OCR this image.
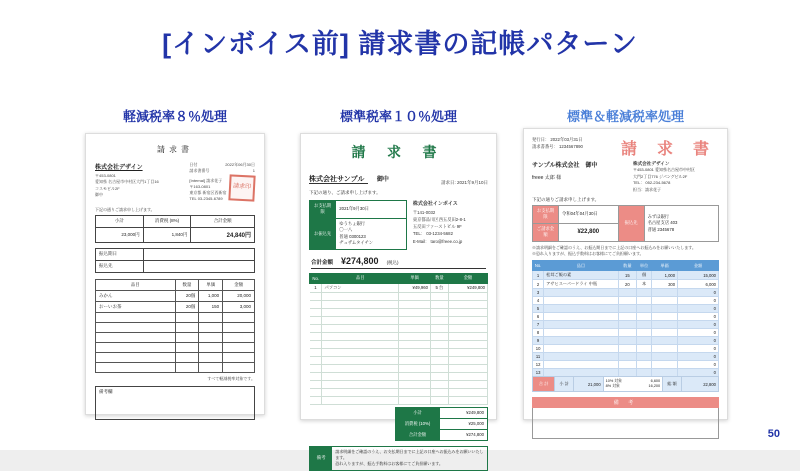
[インボイス前] 請求書の記帳パターン
軽減税率８％処理	標準税率１０％処理	標準＆軽減税率処理
請求書
株式会社デザイン
〒453-0801
愛知県 名古屋市中村区大門1丁目16
コスモビル2F
御中
日付	2022年06月30日
請求書番号	1
[Internal] 請求花子
〒163-0801
東京都 新宿区西新宿
TEL 03-2345-6789
請求印
下記の通りご請求申し上げます。
小計	消費税 (8%)	合計金額
23,000円	1,840円	24,840円
振込期日	
振込先	
品目	数量	単価	金額
みかん	20個	1,000	20,000
おーいお茶	20個	150	3,000

すべて軽減税率対象です。
備考欄
請 求 書
株式会社サンプル 御中	請求日: 2021年9月10日
下記の通り、ご請求申し上げます。
お支払期限	2021年9月30日
お振込先	ゆうちょ銀行
〇一八
普通 0300123
ヂュザムタイチン
株式会社インボイス
〒141-0032
東京都品川区西五反田2-8-1
五反田ファーストビル 9F
TEL： 03-1234-5682
E-Mail： taro@freee.co.jp
合計金額 ¥274,800 (税込)
No.	品目	単価	数量	金額
1	パソコン	¥49,960	5 台	¥249,800

小計	¥249,800
消費税 (10%)	¥25,000
合計金額	¥274,800
備考
請求明細をご確認のうえ、お支払期日までに上記の口座へお振込みをお願いいたします。
恐れ入りますが、振込手数料はお客様にてご負担願います。
発行日： 2022年03月31日
請求書番号： 1234567890 請 求 書
サンプル株式会社　御中
freee 太郎 様
株式会社デザイン
〒453-0801 愛知県名古屋市中村区
大門2丁目776 ジパングビル2F
TEL： 052-234-5678
担当：請求花子
下記の通りご請求申し上げます。
お支払期限	令和04年04月30日	振込先	みずほ銀行
名古屋支店 403
普通 2345678

ご請求金額	¥22,800		
※請求明細をご確認のうえ、お振込期日までに上記の口座へお振込みをお願いいたします。
※恐れ入りますが、振込手数料はお客様にてご負担願います。
No.	品目	数量	単位	単価	金額
1	松茸ご飯の素	15	個	1,000	15,000
2	アサヒスーパードライ 中瓶	20	本	300	6,000
3					0
4					0
5					0
6					0
7					0
8					0
9					0
10					0
11					0
12					0
13					0
合 計	小 計	21,000	
10% 対象	6,600
8% 対象	16,200	総 額	22,800
備 考
50
